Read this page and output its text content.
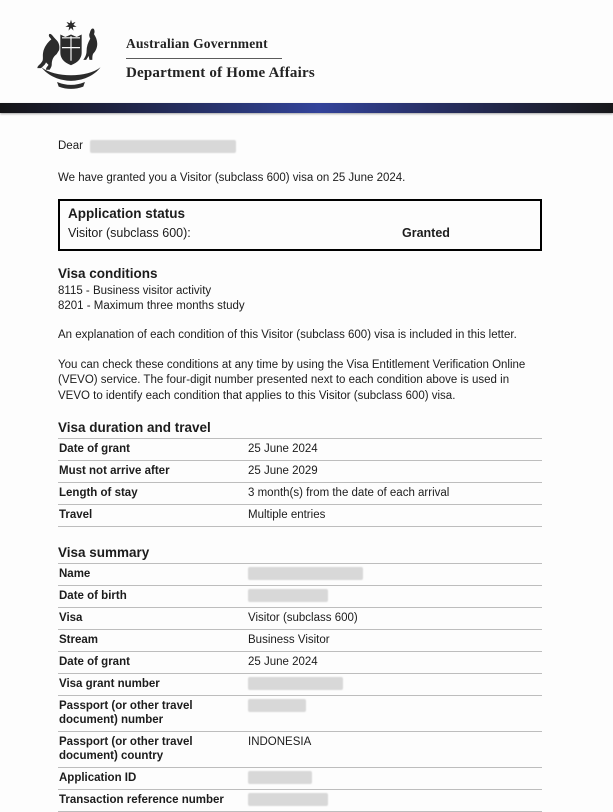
Australian Government
Department of Home Affairs
Dear
We have granted you a Visitor (subclass 600) visa on 25 June 2024.
Application status
Visitor (subclass 600):	Granted
Visa conditions
8115 - Business visitor activity
8201 - Maximum three months study
An explanation of each condition of this Visitor (subclass 600) visa is included in this letter.
You can check these conditions at any time by using the Visa Entitlement Verification Online (VEVO) service. The four-digit number presented next to each condition above is used in VEVO to identify each condition that applies to this Visitor (subclass 600) visa.
Visa duration and travel
Date of grant	25 June 2024
Must not arrive after	25 June 2029
Length of stay	3 month(s) from the date of each arrival
Travel	Multiple entries
Visa summary
Name	
Date of birth	
Visa	Visitor (subclass 600)
Stream	Business Visitor
Date of grant	25 June 2024
Visa grant number	
Passport (or other travel document) number	
Passport (or other travel document) country	INDONESIA
Application ID	
Transaction reference number	
